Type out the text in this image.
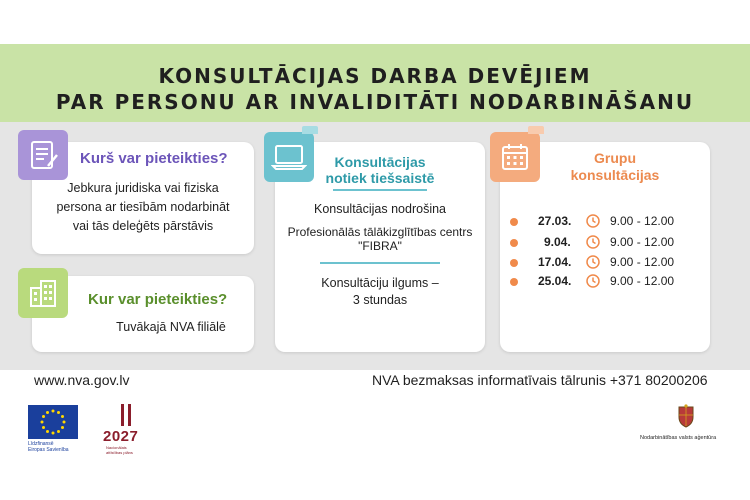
KONSULTĀCIJAS DARBA DEVĒJIEM
PAR PERSONU AR INVALIDITĀTI NODARBINĀŠANU
Kurš var pieteikties?
Jebkura juridiska vai fiziska
persona ar tiesībām nodarbināt
vai tās deleģēts pārstāvis
Kur var pieteikties?
Tuvākajā NVA filiālē
Konsultācijas
notiek tiešsaistē
Konsultācijas nodrošina
Profesionālās tālākizglītības centrs
"FIBRA"
Konsultāciju ilgums –
3 stundas
Grupu
konsultācijas
27.03.	9.00 - 12.00
9.04.	9.00 - 12.00
17.04.	9.00 - 12.00
25.04.	9.00 - 12.00
www.nva.gov.lv	NVA bezmaksas informatīvais tālrunis +371 80200206
Līdzfinansē
Eiropas Savienība
2027
Nacionālais
attīstības plāns
Nodarbinātības valsts aģentūra
